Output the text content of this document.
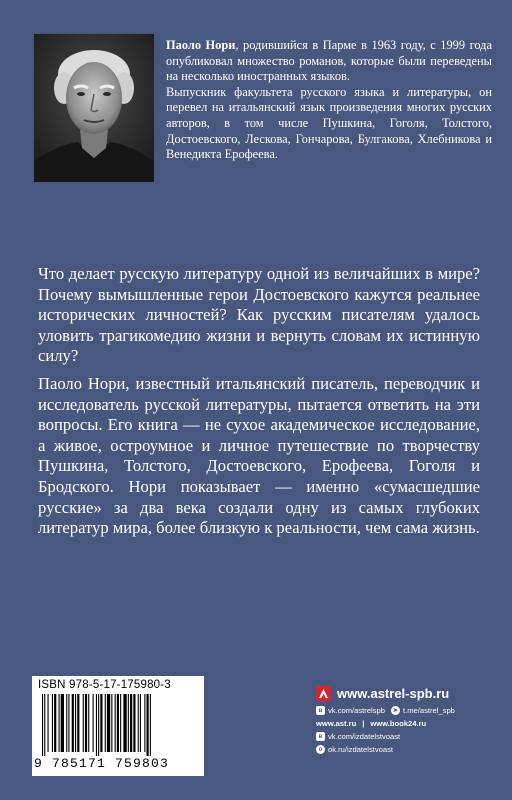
Паоло Нори, родившийся в Парме в 1963 году, с 1999 года опубликовал множество романов, которые были переведены на несколько иностранных языков.

Выпускник факультета русского языка и литературы, он перевел на итальянский язык произведения многих русских авторов, в том числе Пушкина, Гоголя, Толстого, Достоевского, Лескова, Гончарова, Булгакова, Хлебникова и Венедикта Ерофеева.

Что делает русскую литературу одной из величайших в мире? Почему вымышленные герои Достоевского кажутся реальнее исторических личностей? Как русским писателям удалось уловить трагикомедию жизни и вернуть словам их истинную силу?

Паоло Нори, известный итальянский писатель, переводчик и исследователь русской литературы, пытается ответить на эти вопросы. Его книга — не сухое академическое исследование, а живое, остроумное и личное путешествие по творчеству Пушкина, Толстого, Достоевского, Ерофеева, Гоголя и Бродского. Нори показывает — именно «сумасшедшие русские» за два века создали одну из самых глубоких литератур мира, более близкую к реальности, чем сама жизнь.

ISBN 978-5-17-175980-3
9 785171 759803
www.astrel-spb.ru
в vk.com/astrelspb	➤ t.me/astrel_spb
www.ast.ru | www.book24.ru
в vk.com/izdatelstvoast
о ok.ru/izdatelstvoast
